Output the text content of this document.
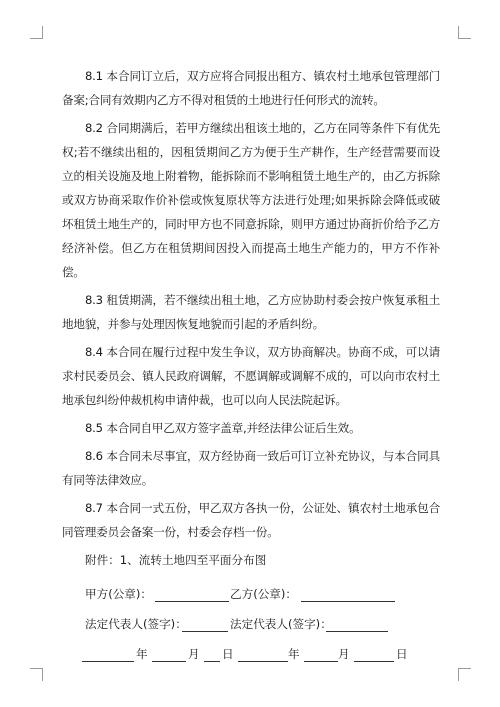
8.1 本合同订立后，双方应将合同报出租方、镇农村土地承包管理部门备案;合同有效期内乙方不得对租赁的土地进行任何形式的流转。

8.2 合同期满后，若甲方继续出租该土地的，乙方在同等条件下有优先权;若不继续出租的，因租赁期间乙方为便于生产耕作，生产经营需要而设立的相关设施及地上附着物，能拆除而不影响租赁土地生产的，由乙方拆除或双方协商采取作价补偿或恢复原状等方法进行处理;如果拆除会降低或破坏租赁土地生产的，同时甲方也不同意拆除，则甲方通过协商折价给予乙方经济补偿。但乙方在租赁期间因投入而提高土地生产能力的，甲方不作补偿。

8.3 租赁期满，若不继续出租土地，乙方应协助村委会按户恢复承租土地地貌，并参与处理因恢复地貌而引起的矛盾纠纷。

8.4 本合同在履行过程中发生争议，双方协商解决。协商不成，可以请求村民委员会、镇人民政府调解，不愿调解或调解不成的，可以向市农村土地承包纠纷仲裁机构申请仲裁，也可以向人民法院起诉。

8.5 本合同自甲乙双方签字盖章,并经法律公证后生效。

8.6 本合同未尽事宜，双方经协商一致后可订立补充协议，与本合同具有同等法律效应。

8.7 本合同一式五份，甲乙双方各执一份，公证处、镇农村土地承包合同管理委员会备案一份，村委会存档一份。

附件：1、流转土地四至平面分布图
甲方(公章)：	乙方(公章)：
法定代表人(签字)：	法定代表人(签字)：
年	月 日	年	月	日
